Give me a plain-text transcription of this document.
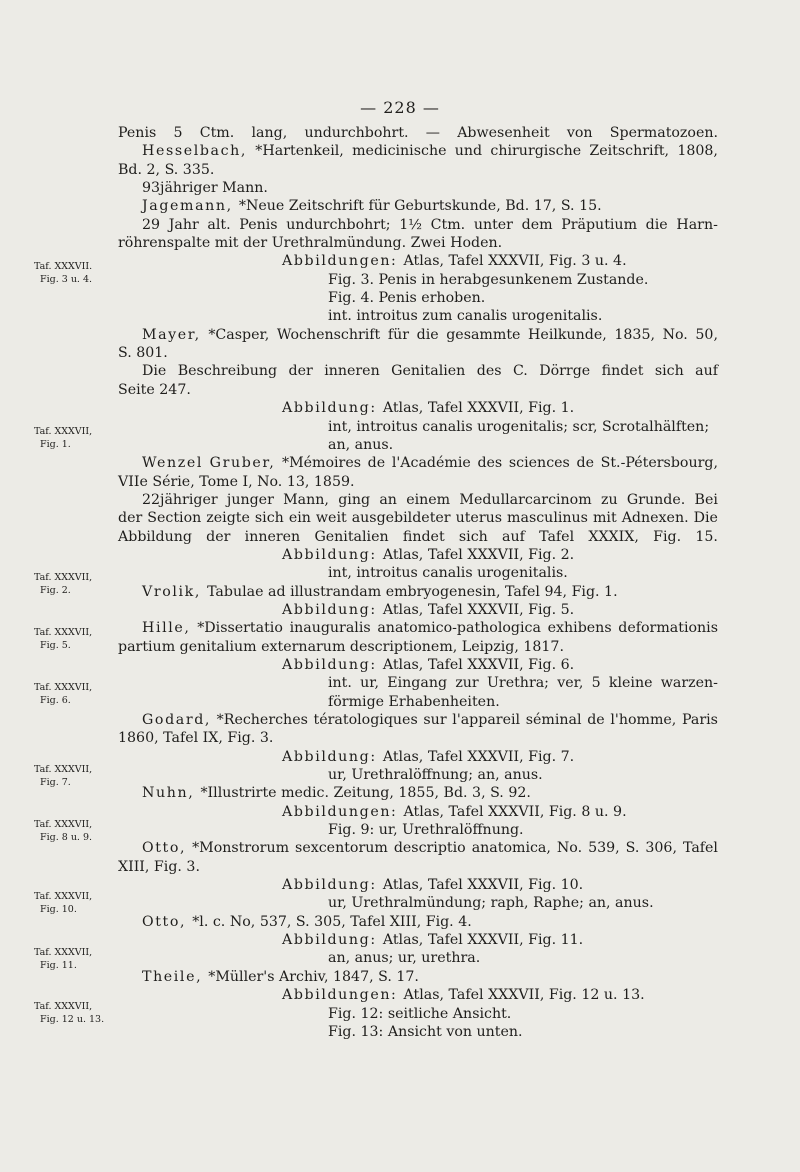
— 228 —
Penis 5 Ctm. lang, undurchbohrt. — Abwesenheit von Spermatozoen.
Hesselbach, *Hartenkeil, medicinische und chirurgische Zeitschrift, 1808,
Bd. 2, S. 335.
93jähriger Mann.
Jagemann, *Neue Zeitschrift für Geburtskunde, Bd. 17, S. 15.
29 Jahr alt. Penis undurchbohrt; 1½ Ctm. unter dem Präputium die Harn-
röhrenspalte mit der Urethralmündung. Zwei Hoden.
Abbildungen: Atlas, Tafel XXXVII, Fig. 3 u. 4.
Fig. 3. Penis in herabgesunkenem Zustande.
Fig. 4. Penis erhoben.
int. introitus zum canalis urogenitalis.
Mayer, *Casper, Wochenschrift für die gesammte Heilkunde, 1835, No. 50,
S. 801.
Die Beschreibung der inneren Genitalien des C. Dörrge findet sich auf
Seite 247.
Abbildung: Atlas, Tafel XXXVII, Fig. 1.
int, introitus canalis urogenitalis; scr, Scrotalhälften;
an, anus.
Wenzel Gruber, *Mémoires de l'Académie des sciences de St.-Pétersbourg,
VIIe Série, Tome I, No. 13, 1859.
22jähriger junger Mann, ging an einem Medullarcarcinom zu Grunde. Bei
der Section zeigte sich ein weit ausgebildeter uterus masculinus mit Adnexen. Die
Abbildung der inneren Genitalien findet sich auf Tafel XXXIX, Fig. 15.
Abbildung: Atlas, Tafel XXXVII, Fig. 2.
int, introitus canalis urogenitalis.
Vrolik, Tabulae ad illustrandam embryogenesin, Tafel 94, Fig. 1.
Abbildung: Atlas, Tafel XXXVII, Fig. 5.
Hille, *Dissertatio inauguralis anatomico-pathologica exhibens deformationis
partium genitalium externarum descriptionem, Leipzig, 1817.
Abbildung: Atlas, Tafel XXXVII, Fig. 6.
int. ur, Eingang zur Urethra; ver, 5 kleine warzen-
förmige Erhabenheiten.
Godard, *Recherches tératologiques sur l'appareil séminal de l'homme, Paris
1860, Tafel IX, Fig. 3.
Abbildung: Atlas, Tafel XXXVII, Fig. 7.
ur, Urethralöffnung; an, anus.
Nuhn, *Illustrirte medic. Zeitung, 1855, Bd. 3, S. 92.
Abbildungen: Atlas, Tafel XXXVII, Fig. 8 u. 9.
Fig. 9: ur, Urethralöffnung.
Otto, *Monstrorum sexcentorum descriptio anatomica, No. 539, S. 306, Tafel
XIII, Fig. 3.
Abbildung: Atlas, Tafel XXXVII, Fig. 10.
ur, Urethralmündung; raph, Raphe; an, anus.
Otto, *l. c. No, 537, S. 305, Tafel XIII, Fig. 4.
Abbildung: Atlas, Tafel XXXVII, Fig. 11.
an, anus; ur, urethra.
Theile, *Müller's Archiv, 1847, S. 17.
Abbildungen: Atlas, Tafel XXXVII, Fig. 12 u. 13.
Fig. 12: seitliche Ansicht.
Fig. 13: Ansicht von unten.
Taf. XXXVII.
Fig. 3 u. 4.
Taf. XXXVII,
Fig. 1.
Taf. XXXVII,
Fig. 2.
Taf. XXXVII,
Fig. 5.
Taf. XXXVII,
Fig. 6.
Taf. XXXVII,
Fig. 7.
Taf. XXXVII,
Fig. 8 u. 9.
Taf. XXXVII,
Fig. 10.
Taf. XXXVII,
Fig. 11.
Taf. XXXVII,
Fig. 12 u. 13.
